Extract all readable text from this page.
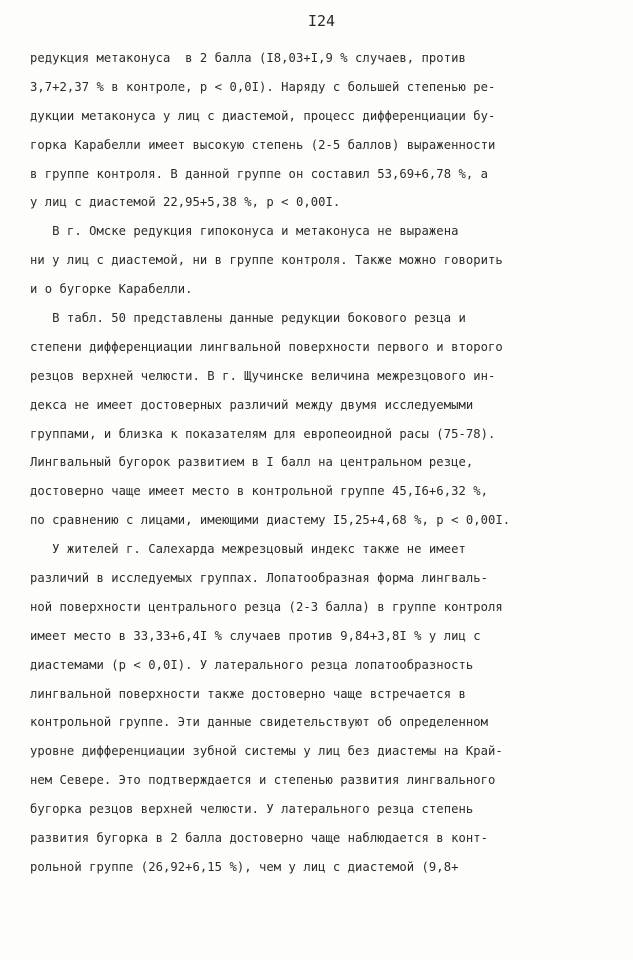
I24
редукция метаконуса  в 2 балла (I8,03+I,9 % случаев, против
3,7+2,37 % в контроле, р < 0,0I). Наряду с большей степенью ре-
дукции метаконуса у лиц с диастемой, процесс дифференциации бу-
горка Карабелли имеет высокую степень (2-5 баллов) выраженности
в группе контроля. В данной группе он составил 53,69+6,78 %, а
у лиц с диастемой 22,95+5,38 %, р < 0,00I.
В г. Омске редукция гипоконуса и метаконуса не выражена
ни у лиц с диастемой, ни в группе контроля. Также можно говорить
и о бугорке Карабелли.
В табл. 50 представлены данные редукции бокового резца и
степени дифференциации лингвальной поверхности первого и второго
резцов верхней челюсти. В г. Щучинске величина межрезцового ин-
декса не имеет достоверных различий между двумя исследуемыми
группами, и близка к показателям для европеоидной расы (75-78).
Лингвальный бугорок развитием в I балл на центральном резце,
достоверно чаще имеет место в контрольной группе 45,I6+6,32 %,
по сравнению с лицами, имеющими диастему I5,25+4,68 %, р < 0,00I.
У жителей г. Салехарда межрезцовый индекс также не имеет
различий в исследуемых группах. Лопатообразная форма лингваль-
ной поверхности центрального резца (2-3 балла) в группе контроля
имеет место в 33,33+6,4I % случаев против 9,84+3,8I % у лиц с
диастемами (р < 0,0I). У латерального резца лопатообразность
лингвальной поверхности также достоверно чаще встречается в
контрольной группе. Эти данные свидетельствуют об определенном
уровне дифференциации зубной системы у лиц без диастемы на Край-
нем Севере. Это подтверждается и степенью развития лингвального
бугорка резцов верхней челюсти. У латерального резца степень
развития бугорка в 2 балла достоверно чаще наблюдается в конт-
рольной группе (26,92+6,15 %), чем у лиц с диастемой (9,8+
